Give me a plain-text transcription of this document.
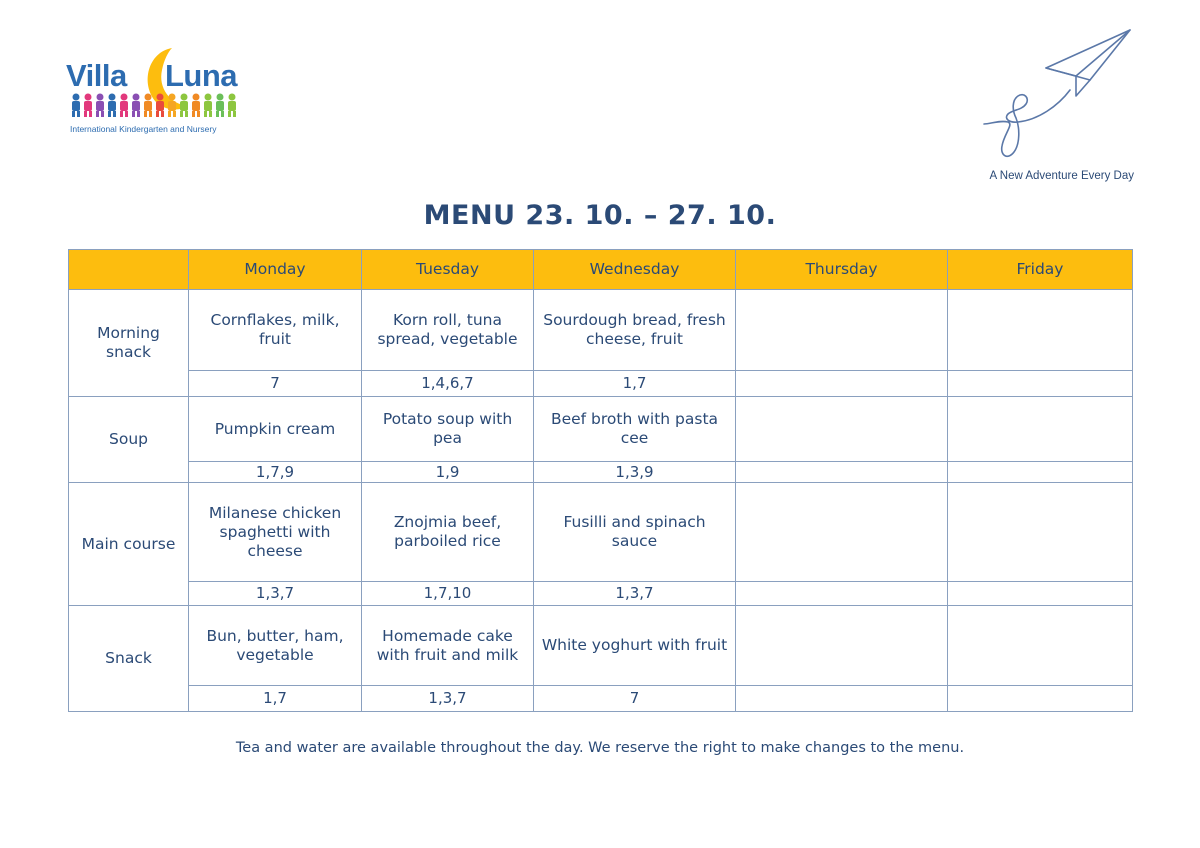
Villa Luna
International Kindergarten and Nursery
A New Adventure Every Day
MENU 23. 10. – 27. 10.
	Monday	Tuesday	Wednesday	Thursday	Friday
Morning snack	Cornflakes, milk, fruit	Korn roll, tuna spread, vegetable	Sourdough bread, fresh cheese, fruit		
	7	1,4,6,7	1,7		
Soup	Pumpkin cream	Potato soup with pea	Beef broth with pasta cee		
	1,7,9	1,9	1,3,9		
Main course	Milanese chicken spaghetti with cheese	Znojmia beef, parboiled rice	Fusilli and spinach sauce		
	1,3,7	1,7,10	1,3,7		
Snack	Bun, butter, ham, vegetable	Homemade cake with fruit and milk	White yoghurt with fruit		
	1,7	1,3,7	7		
Tea and water are available throughout the day. We reserve the right to make changes to the menu.
